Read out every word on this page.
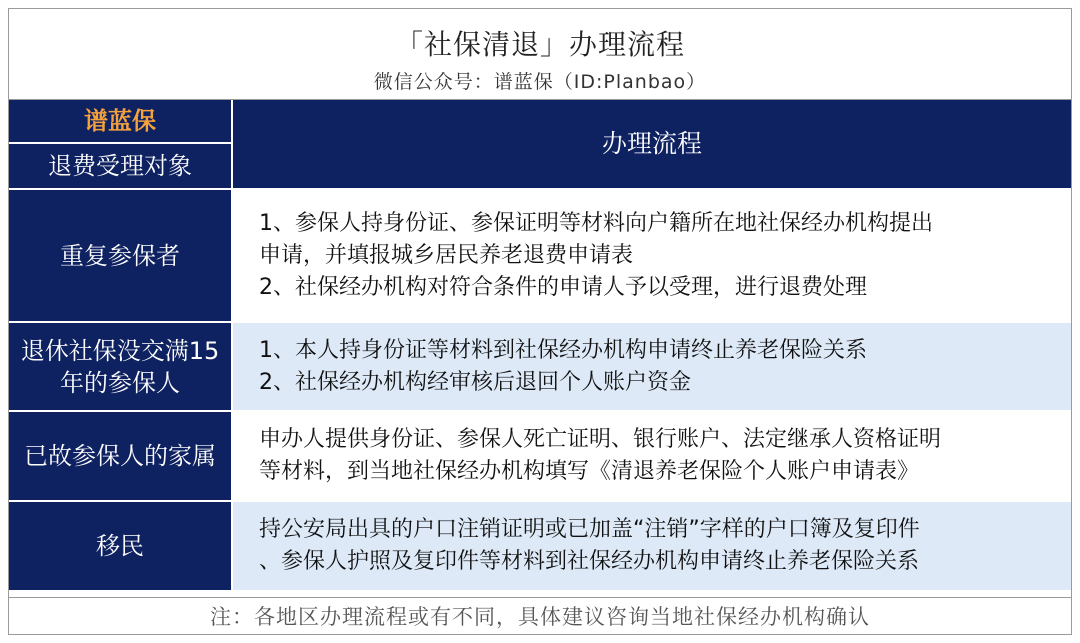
「社保清退」办理流程
微信公众号：谱蓝保（ID:Planbao）
谱蓝保
退费受理对象
办理流程
重复参保者
1、参保人持身份证、参保证明等材料向户籍所在地社保经办机构提出
申请，并填报城乡居民养老退费申请表
2、社保经办机构对符合条件的申请人予以受理，进行退费处理
退休社保没交满15
年的参保人
1、本人持身份证等材料到社保经办机构申请终止养老保险关系
2、社保经办机构经审核后退回个人账户资金
已故参保人的家属
申办人提供身份证、参保人死亡证明、银行账户、法定继承人资格证明
等材料，到当地社保经办机构填写《清退养老保险个人账户申请表》
移民
持公安局出具的户口注销证明或已加盖“注销”字样的户口簿及复印件
、参保人护照及复印件等材料到社保经办机构申请终止养老保险关系
注：各地区办理流程或有不同，具体建议咨询当地社保经办机构确认
